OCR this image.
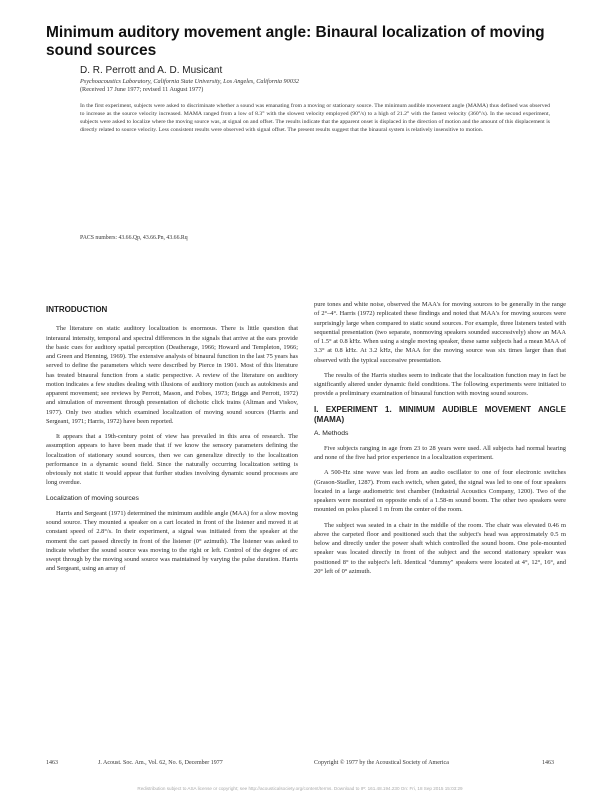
Minimum auditory movement angle: Binaural localization of moving sound sources
D. R. Perrott and A. D. Musicant
Psychoacoustics Laboratory, California State University, Los Angeles, California 90032
(Received 17 June 1977; revised 11 August 1977)
In the first experiment, subjects were asked to discriminate whether a sound was emanating from a moving or stationary source. The minimum audible movement angle (MAMA) thus defined was observed to increase as the source velocity increased. MAMA ranged from a low of 8.3° with the slowest velocity employed (90°/s) to a high of 21.2° with the fastest velocity (360°/s). In the second experiment, subjects were asked to localize where the moving source was, at signal on and offset. The results indicate that the apparent onset is displaced in the direction of motion and the amount of this displacement is directly related to source velocity. Less consistent results were observed with signal offset. The present results suggest that the binaural system is relatively insensitive to motion.
PACS numbers: 43.66.Qp, 43.66.Pn, 43.66.Rq
INTRODUCTION

The literature on static auditory localization is enormous. There is little question that interaural intensity, temporal and spectral differences in the signals that arrive at the ears provide the basic cues for auditory spatial perception (Deatherage, 1966; Howard and Templeton, 1966; and Green and Henning, 1969). The extensive analysis of binaural function in the last 75 years has served to define the parameters which were described by Pierce in 1901. Most of this literature has treated binaural function from a static perspective. A review of the literature on auditory motion indicates a few studies dealing with illusions of auditory motion (such as autokinesis and apparent movement; see reviews by Perrott, Mason, and Fobes, 1973; Briggs and Perrott, 1972) and simulation of movement through presentation of dichotic click trains (Altman and Viskov, 1977). Only two studies which examined localization of moving sound sources (Harris and Sergeant, 1971; Harris, 1972) have been reported.

It appears that a 19th-century point of view has prevailed in this area of research. The assumption appears to have been made that if we know the sensory parameters defining the localization of stationary sound sources, then we can generalize directly to the localization performance in a dynamic sound field. Since the naturally occurring localization setting is obviously not static it would appear that further studies involving dynamic sound processes are long overdue.

Localization of moving sources

Harris and Sergeant (1971) determined the minimum audible angle (MAA) for a slow moving sound source. They mounted a speaker on a cart located in front of the listener and moved it at constant speed of 2.8°/s. In their experiment, a signal was initiated from the speaker at the moment the cart passed directly in front of the listener (0° azimuth). The listener was asked to indicate whether the sound source was moving to the right or left. Control of the degree of arc swept through by the moving sound source was maintained by varying the pulse duration. Harris and Sergeant, using an array of

pure tones and white noise, observed the MAA's for moving sources to be generally in the range of 2°–4°. Harris (1972) replicated these findings and noted that MAA's for moving sources were surprisingly large when compared to static sound sources. For example, three listeners tested with sequential presentation (two separate, nonmoving speakers sounded successively) show an MAA of 1.5° at 0.8 kHz. When using a single moving speaker, these same subjects had a mean MAA of 3.3° at 0.8 kHz. At 3.2 kHz, the MAA for the moving source was six times larger than that observed with the typical successive presentation.

The results of the Harris studies seem to indicate that the localization function may in fact be significantly altered under dynamic field conditions. The following experiments were initiated to provide a preliminary examination of binaural function with moving sound sources.

I. EXPERIMENT 1. MINIMUM AUDIBLE MOVEMENT ANGLE (MAMA)
A. Methods

Five subjects ranging in age from 23 to 28 years were used. All subjects had normal hearing and none of the five had prior experience in a localization experiment.

A 500-Hz sine wave was led from an audio oscillator to one of four electronic switches (Grason-Stadler, 1287). From each switch, when gated, the signal was led to one of four speakers located in a large audiometric test chamber (Industrial Acoustics Company, 1200). Two of the speakers were mounted on opposite ends of a 1.58-m sound boom. The other two speakers were mounted on poles placed 1 m from the center of the room.

The subject was seated in a chair in the middle of the room. The chair was elevated 0.46 m above the carpeted floor and positioned such that the subject's head was approximately 0.5 m below and directly under the power shaft which controlled the sound boom. One pole-mounted speaker was located directly in front of the subject and the second stationary speaker was positioned 8° to the subject's left. Identical "dummy" speakers were located at 4°, 12°, 16°, and 20° left of 0° azimuth.

1463	J. Acoust. Soc. Am., Vol. 62, No. 6, December 1977	Copyright © 1977 by the Acoustical Society of America	1463
Redistribution subject to ASA license or copyright; see http://acousticalsociety.org/content/terms. Download to IP: 161.48.194.230 On: Fri, 18 Sep 2015 15:03:29
